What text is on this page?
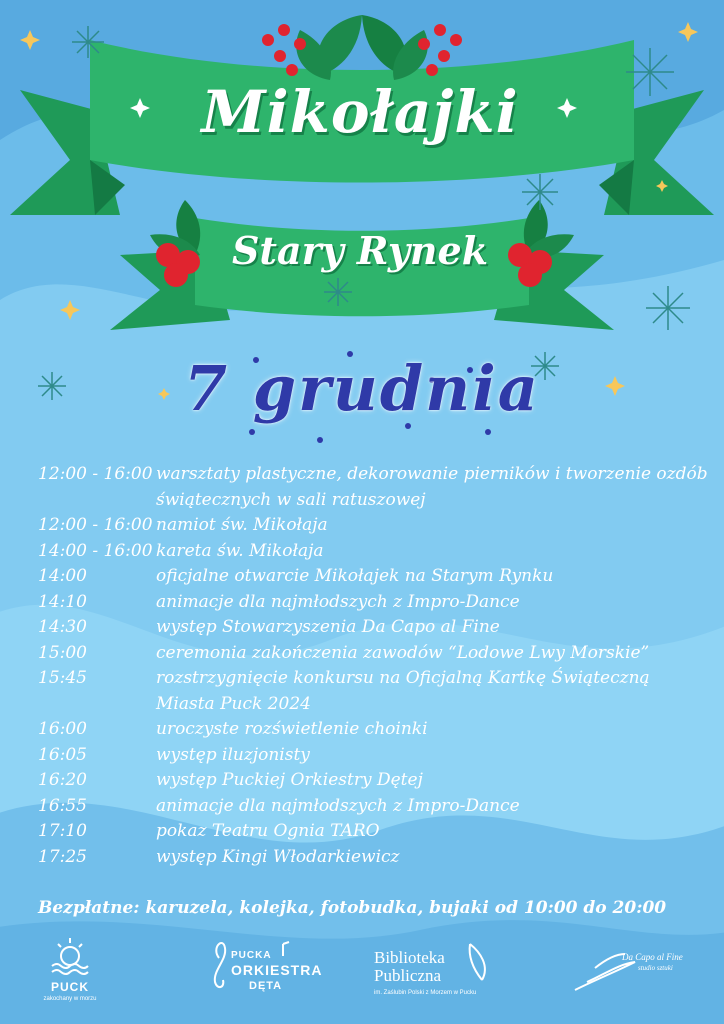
Mikołajki
Stary Rynek
7 grudnia
12:00 - 16:00 warsztaty plastyczne, dekorowanie pierników i tworzenie ozdób świątecznych w sali ratuszowej
12:00 - 16:00 namiot św. Mikołaja
14:00 - 16:00 kareta św. Mikołaja
14:00	oficjalne otwarcie Mikołajek na Starym Rynku
14:10	animacje dla najmłodszych z Impro-Dance
14:30	występ Stowarzyszenia Da Capo al Fine
15:00	ceremonia zakończenia zawodów “Lodowe Lwy Morskie”
15:45	rozstrzygnięcie konkursu na Oficjalną Kartkę Świąteczną Miasta Puck 2024
16:00	uroczyste rozświetlenie choinki
16:05	występ iluzjonisty
16:20	występ Puckiej Orkiestry Dętej
16:55	animacje dla najmłodszych z Impro-Dance
17:10	pokaz Teatru Ognia TARO
17:25	występ Kingi Włodarkiewicz
Bezpłatne: karuzela, kolejka, fotobudka, bujaki od 10:00 do 20:00
PUCK
zakochany w morzu
PUCKA
ORKIESTRA
DĘTA
Biblioteka
Publiczna
im. Zaślubin Polski z Morzem w Pucku
Da Capo al Fine
studio sztuki
